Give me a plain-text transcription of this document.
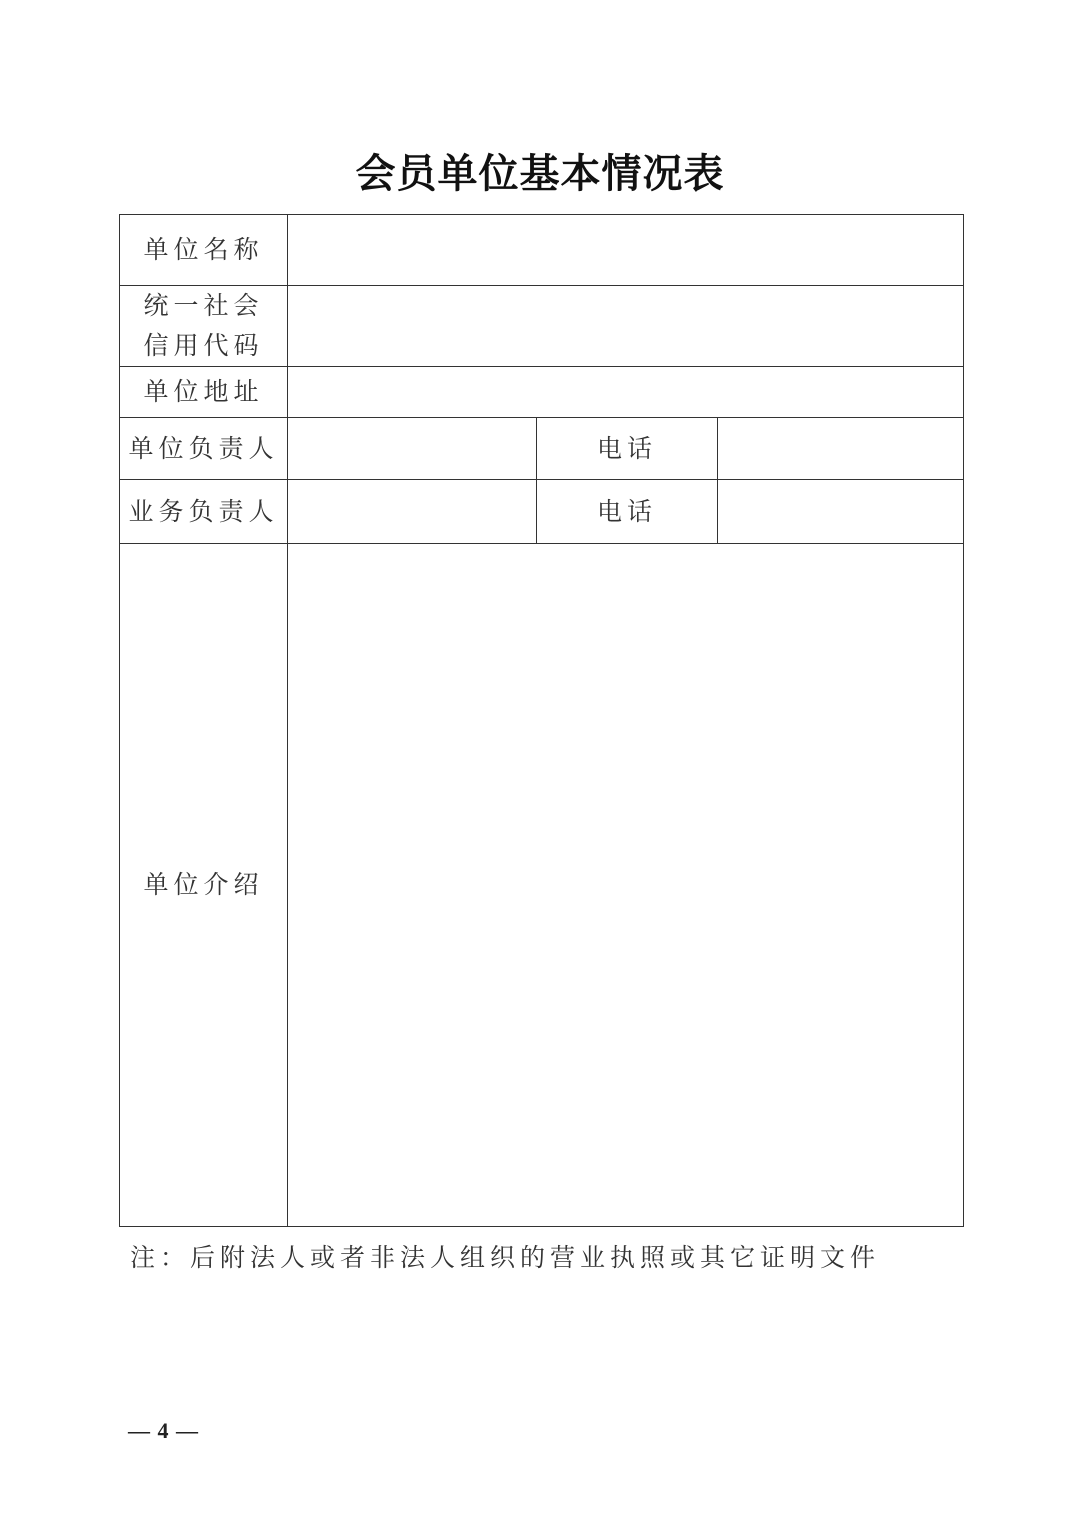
会员单位基本情况表
单位名称			

统一社会
信用代码			

单位地址			
单位负责人		电话	
业务负责人		电话	
单位介绍			
注：后附法人或者非法人组织的营业执照或其它证明文件
— 4 —
